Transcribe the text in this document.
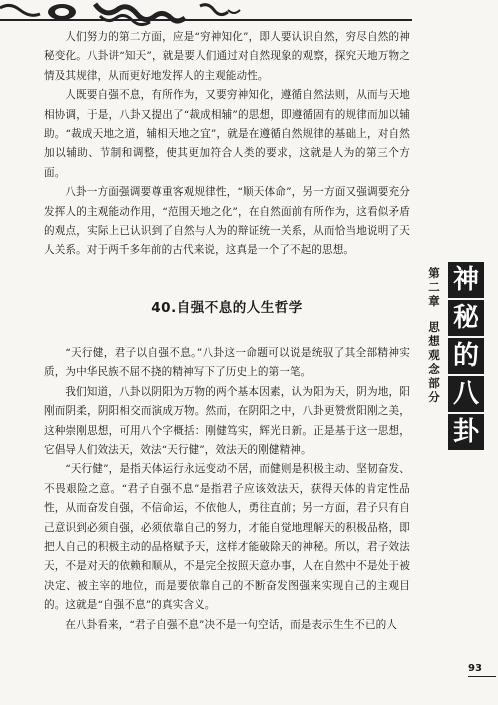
人们努力的第二方面，应是“穷神知化”，即人要认识自然，穷尽自然的神秘变化。八卦讲“知天”，就是要人们通过对自然现象的观察，探究天地万物之情及其规律，从而更好地发挥人的主观能动性。

人既要自强不息，有所作为，又要穷神知化，遵循自然法则，从而与天地相协调，于是，八卦又提出了“裁成相辅”的思想，即遵循固有的规律而加以辅助。“裁成天地之道，辅相天地之宜”，就是在遵循自然规律的基础上，对自然加以辅助、节制和调整，使其更加符合人类的要求，这就是人为的第三个方面。

八卦一方面强调要尊重客观规律性，“顺天体命”，另一方面又强调要充分发挥人的主观能动作用，“范围天地之化”，在自然面前有所作为，这看似矛盾的观点，实际上已认识到了自然与人为的辩证统一关系，从而恰当地说明了天人关系。对于两千多年前的古代来说，这真是一个了不起的思想。

40.自强不息的人生哲学

“天行健，君子以自强不息。”八卦这一命题可以说是统驭了其全部精神实质，为中华民族不屈不挠的精神写下了历史上的第一笔。

我们知道，八卦以阴阳为万物的两个基本因素，认为阳为天，阴为地，阳刚而阴柔，阴阳相交而演成万物。然而，在阴阳之中，八卦更赞赏阳刚之美，这种崇刚思想，可用八个字概括：刚健笃实，辉光日新。正是基于这一思想，它倡导人们效法天，效法“天行健”，效法天的刚健精神。

“天行健”，是指天体运行永远变动不居，而健则是积极主动、坚韧奋发、不畏艰险之意。“君子自强不息”是指君子应该效法天，获得天体的肯定性品性，从而奋发自强，不信命运，不依他人，勇往直前；另一方面，君子只有自己意识到必须自强，必须依靠自己的努力，才能自觉地理解天的积极品格，即把人自己的积极主动的品格赋予天，这样才能破除天的神秘。所以，君子效法天，不是对天的依赖和顺从，不是完全按照天意办事，人在自然中不是处于被决定、被主宰的地位，而是要依靠自己的不断奋发图强来实现自己的主观目的。这就是“自强不息”的真实含义。

在八卦看来，“君子自强不息”决不是一句空话，而是表示生生不已的人

第
二
章
思
想
观
念
部
分
神
秘
的
八
卦
93
